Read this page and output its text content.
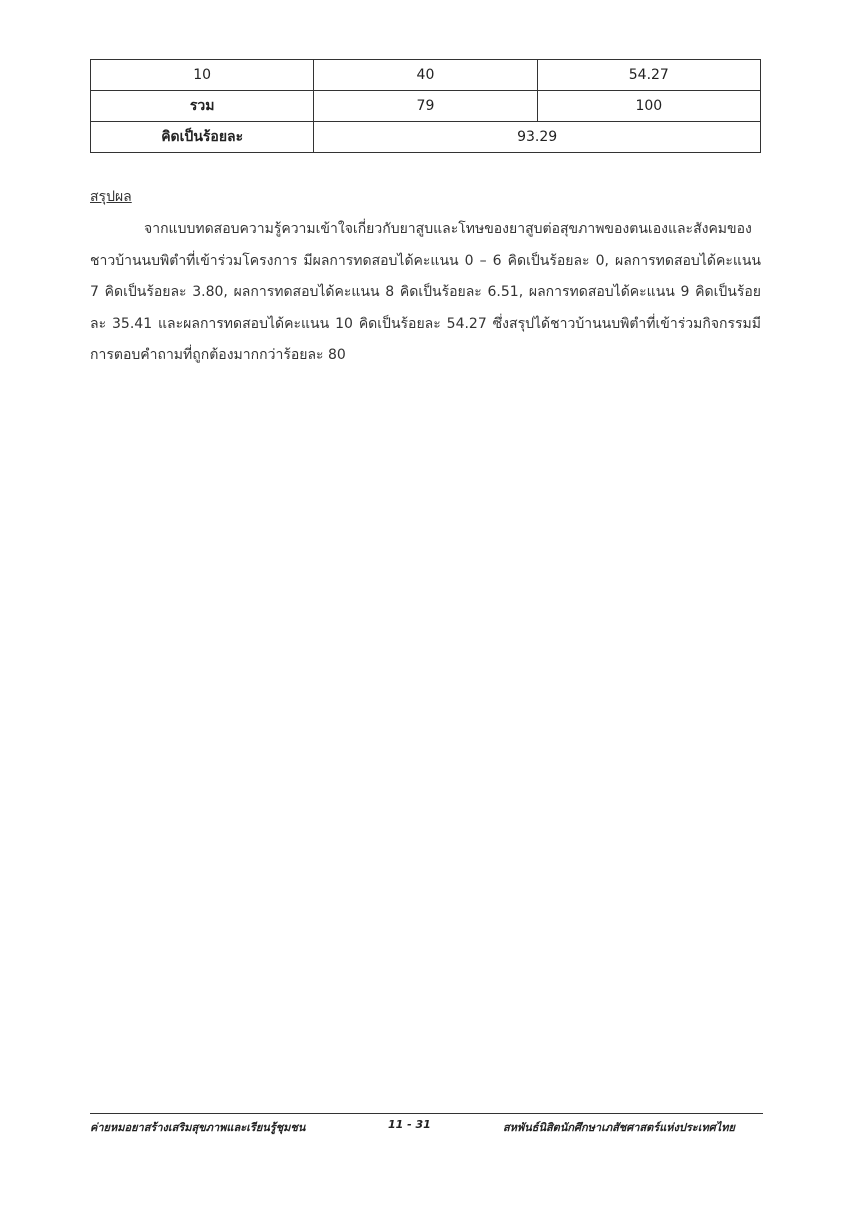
10	40	54.27
รวม	79	100
คิดเป็นร้อยละ	93.29	
สรุปผล

จากแบบทดสอบความรู้ความเข้าใจเกี่ยวกับยาสูบและโทษของยาสูบต่อสุขภาพของตนเองและสังคมของชาวบ้านนบพิตำที่เข้าร่วมโครงการ มีผลการทดสอบได้คะแนน 0 – 6 คิดเป็นร้อยละ 0, ผลการทดสอบได้คะแนน 7 คิดเป็นร้อยละ 3.80, ผลการทดสอบได้คะแนน 8 คิดเป็นร้อยละ 6.51, ผลการทดสอบได้คะแนน 9 คิดเป็นร้อยละ 35.41 และผลการทดสอบได้คะแนน 10 คิดเป็นร้อยละ 54.27 ซึ่งสรุปได้ชาวบ้านนบพิตำที่เข้าร่วมกิจกรรมมีการตอบคำถามที่ถูกต้องมากกว่าร้อยละ 80

ค่ายหมอยาสร้างเสริมสุขภาพและเรียนรู้ชุมชน	11 - 31	สหพันธ์นิสิตนักศึกษาเภสัชศาสตร์แห่งประเทศไทย
